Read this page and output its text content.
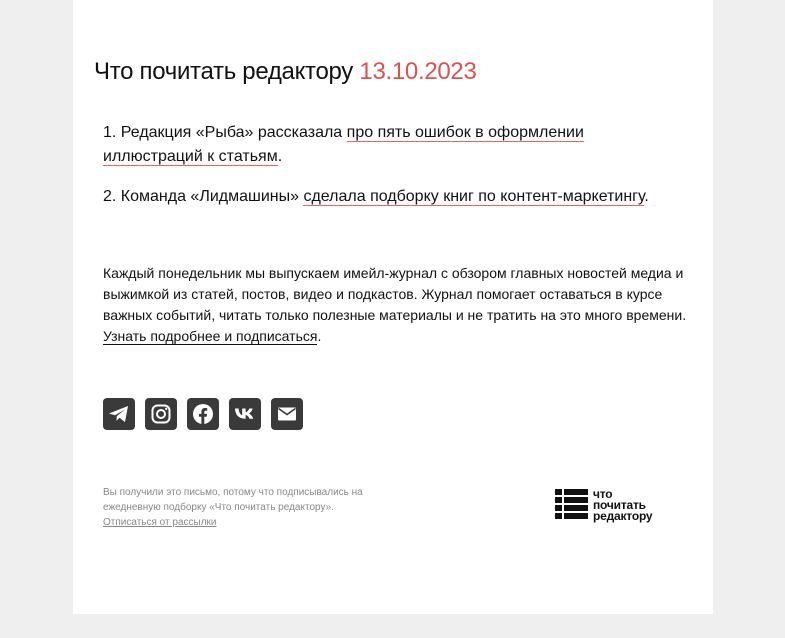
Что почитать редактору 13.10.2023

1. Редакция «Рыба» рассказала про пять ошибок в оформлении иллюстраций к статьям.

2. Команда «Лидмашины» сделала подборку книг по контент-маркетингу.

Каждый понедельник мы выпускаем имейл-журнал с обзором главных новостей медиа и выжимкой из статей, постов, видео и подкастов. Журнал помогает оставаться в курсе важных событий, читать только полезные материалы и не тратить на это много времени. Узнать подробнее и подписаться.

Вы получили это письмо, потому что подписывались на ежедневную подборку «Что почитать редактору».
Отписаться от рассылки

что
почитать
редактору
